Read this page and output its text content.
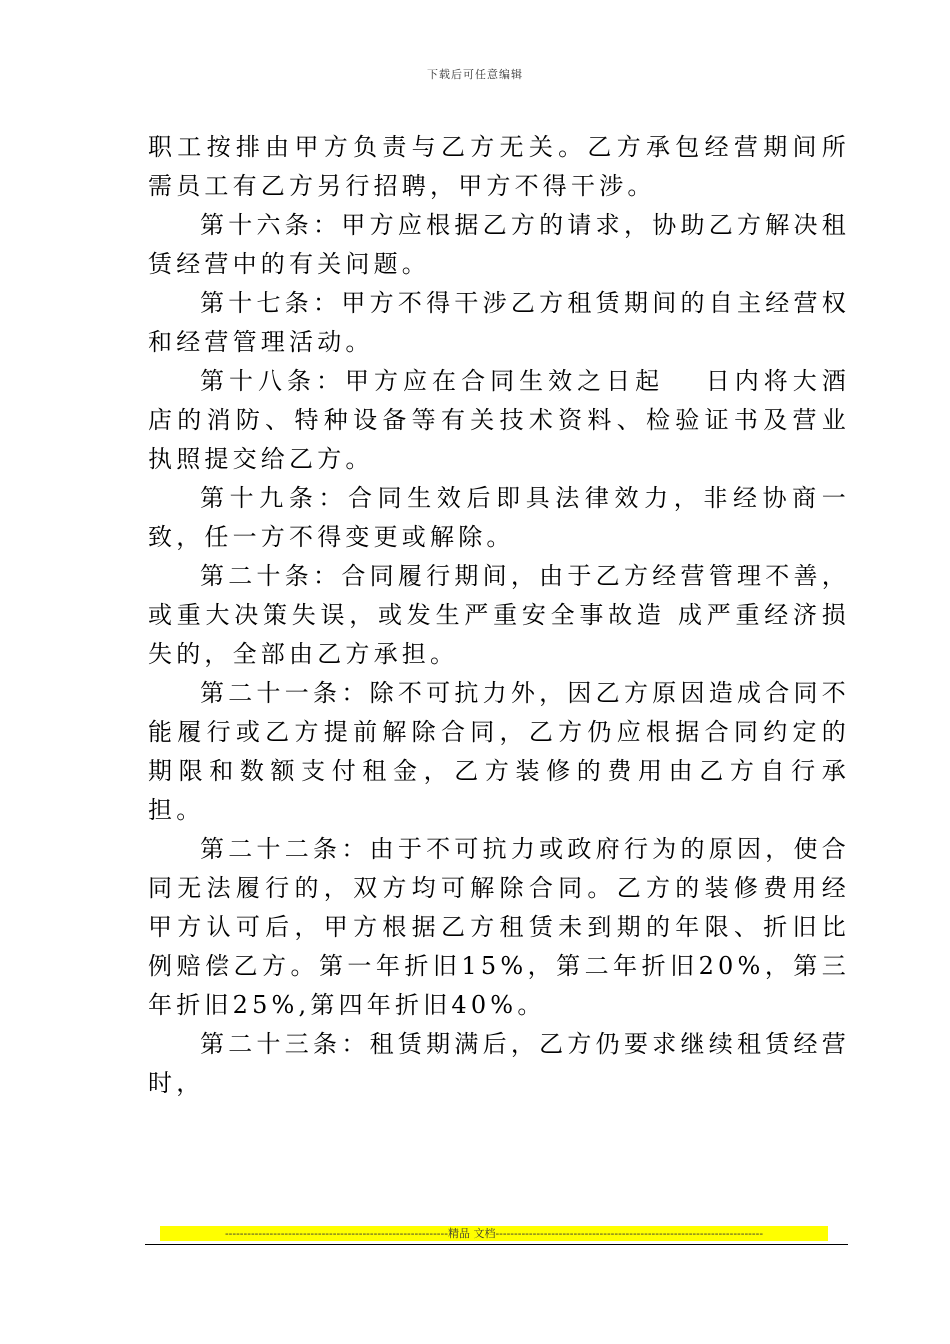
下载后可任意编辑

职工按排由甲方负责与乙方无关。乙方承包经营期间所需员工有乙方另行招聘，甲方不得干涉。

第十六条：甲方应根据乙方的请求，协助乙方解决租赁经营中的有关问题。

第十七条：甲方不得干涉乙方租赁期间的自主经营权和经营管理活动。

第十八条：甲方应在合同生效之日起　 日内将大酒店的消防、特种设备等有关技术资料、检验证书及营业执照提交给乙方。

第十九条：合同生效后即具法律效力，非经协商一致，任一方不得变更或解除。

第二十条：合同履行期间，由于乙方经营管理不善，或重大决策失误，或发生严重安全事故造 成严重经济损失的，全部由乙方承担。

第二十一条：除不可抗力外，因乙方原因造成合同不能履行或乙方提前解除合同，乙方仍应根据合同约定的期限和数额支付租金，乙方装修的费用由乙方自行承担。

第二十二条：由于不可抗力或政府行为的原因，使合同无法履行的，双方均可解除合同。乙方的装修费用经甲方认可后，甲方根据乙方租赁未到期的年限、折旧比例赔偿乙方。第一年折旧15%，第二年折旧20%，第三年折旧25%,第四年折旧40%。

第二十三条：租赁期满后，乙方仍要求继续租赁经营时，

------------------------------------------------------------精品 文档------------------------------------------------------------------------
